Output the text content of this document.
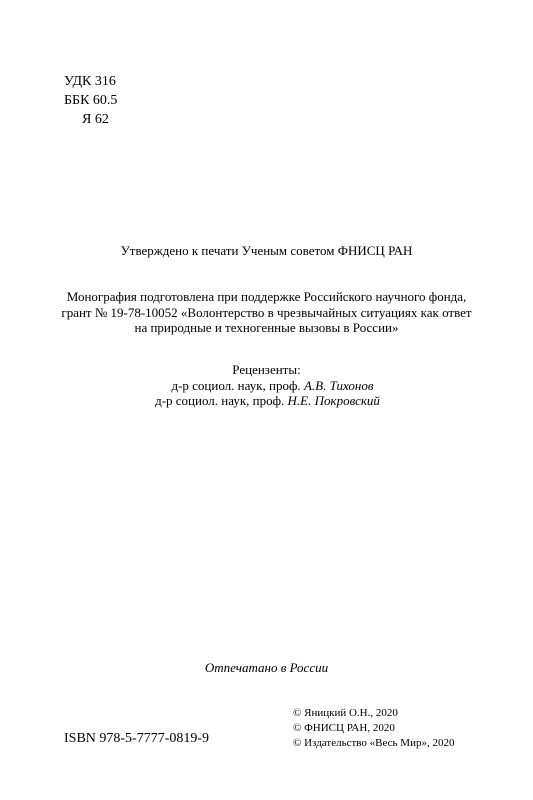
УДК 316
ББК 60.5
Я 62
Утверждено к печати Ученым советом ФНИСЦ РАН
Монография подготовлена при поддержке Российского научного фонда,
грант № 19-78-10052 «Волонтерство в чрезвычайных ситуациях как ответ
на природные и техногенные вызовы в России»
Рецензенты:
д-р социол. наук, проф. А.В. Тихонов
д-р социол. наук, проф. Н.Е. Покровский
Отпечатано в России
© Яницкий О.Н., 2020
© ФНИСЦ РАН, 2020
© Издательство «Весь Мир», 2020
ISBN 978-5-7777-0819-9
